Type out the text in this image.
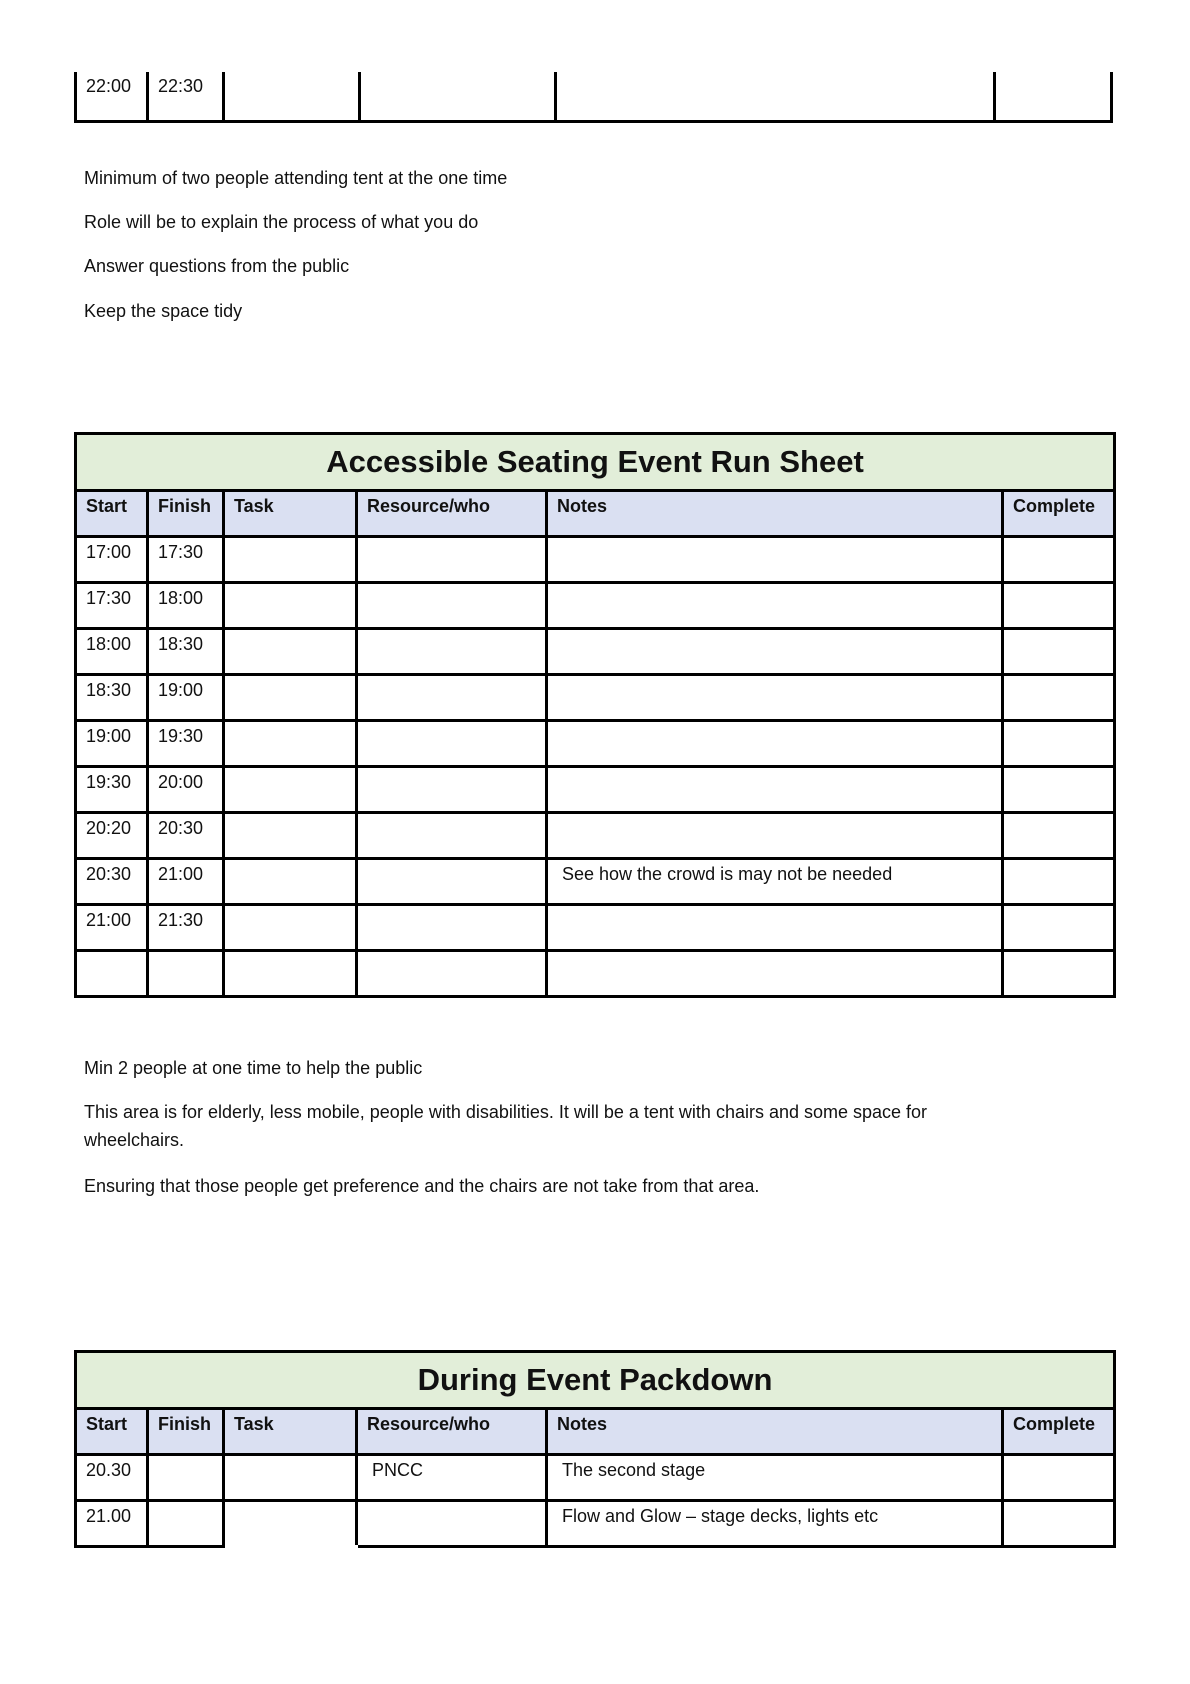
22:00	22:30				
Minimum of two people attending tent at the one time
Role will be to explain the process of what you do
Answer questions from the public
Keep the space tidy
Accessible Seating Event Run Sheet					
Start	Finish	Task	Resource/who	Notes	Complete
17:00	17:30				
17:30	18:00				
18:00	18:30				
18:30	19:00				
19:00	19:30				
19:30	20:00				
20:20	20:30				
20:30	21:00			See how the crowd is may not be needed	
21:00	21:30				

Min 2 people at one time to help the public
This area is for elderly, less mobile, people with disabilities. It will be a tent with chairs and some space for wheelchairs.
Ensuring that those people get preference and the chairs are not take from that area.
During Event Packdown					
Start	Finish	Task	Resource/who	Notes	Complete
20.30			PNCC	The second stage	
21.00				Flow and Glow – stage decks, lights etc	
